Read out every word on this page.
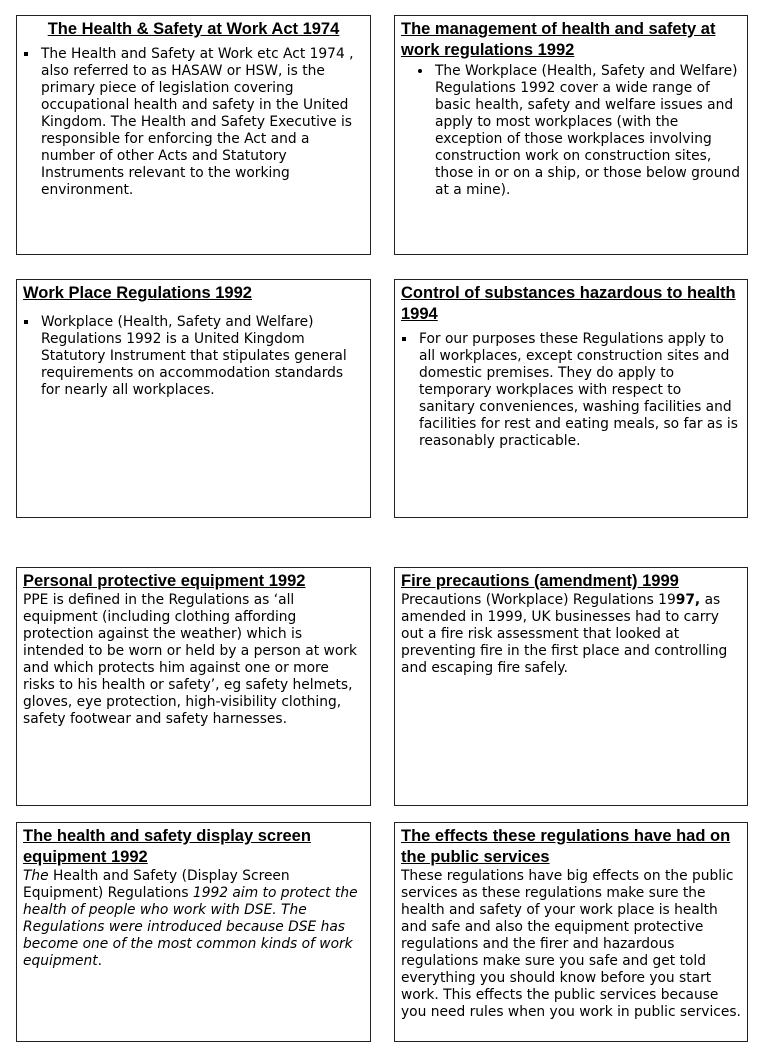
The Health & Safety at Work Act 1974
▪ The Health and Safety at Work etc Act 1974 , also referred to as HASAW or HSW, is the primary piece of legislation covering occupational health and safety in the United Kingdom. The Health and Safety Executive is responsible for enforcing the Act and a number of other Acts and Statutory Instruments relevant to the working environment.
The management of health and safety at work regulations 1992
• The Workplace (Health, Safety and Welfare) Regulations 1992 cover a wide range of basic health, safety and welfare issues and apply to most workplaces (with the exception of those workplaces involving construction work on construction sites, those in or on a ship, or those below ground at a mine).
Work Place Regulations 1992
▪ Workplace (Health, Safety and Welfare) Regulations 1992 is a United Kingdom Statutory Instrument that stipulates general requirements on accommodation standards for nearly all workplaces.
Control of substances hazardous to health 1994
▪ For our purposes these Regulations apply to all workplaces, except construction sites and domestic premises. They do apply to temporary workplaces with respect to sanitary conveniences, washing facilities and facilities for rest and eating meals, so far as is reasonably practicable.
Personal protective equipment 1992

PPE is defined in the Regulations as ‘all equipment (including clothing affording protection against the weather) which is intended to be worn or held by a person at work and which protects him against one or more risks to his health or safety’, eg safety helmets, gloves, eye protection, high-visibility clothing, safety footwear and safety harnesses.

Fire precautions (amendment) 1999

Precautions (Workplace) Regulations 1997, as amended in 1999, UK businesses had to carry out a fire risk assessment that looked at preventing fire in the first place and controlling and escaping fire safely.

The health and safety display screen equipment 1992

The Health and Safety (Display Screen Equipment) Regulations 1992 aim to protect the health of people who work with DSE. The Regulations were introduced because DSE has become one of the most common kinds of work equipment.

The effects these regulations have had on the public services

These regulations have big effects on the public services as these regulations make sure the health and safety of your work place is health and safe and also the equipment protective regulations and the firer and hazardous regulations make sure you safe and get told everything you should know before you start work. This effects the public services because you need rules when you work in public services.
